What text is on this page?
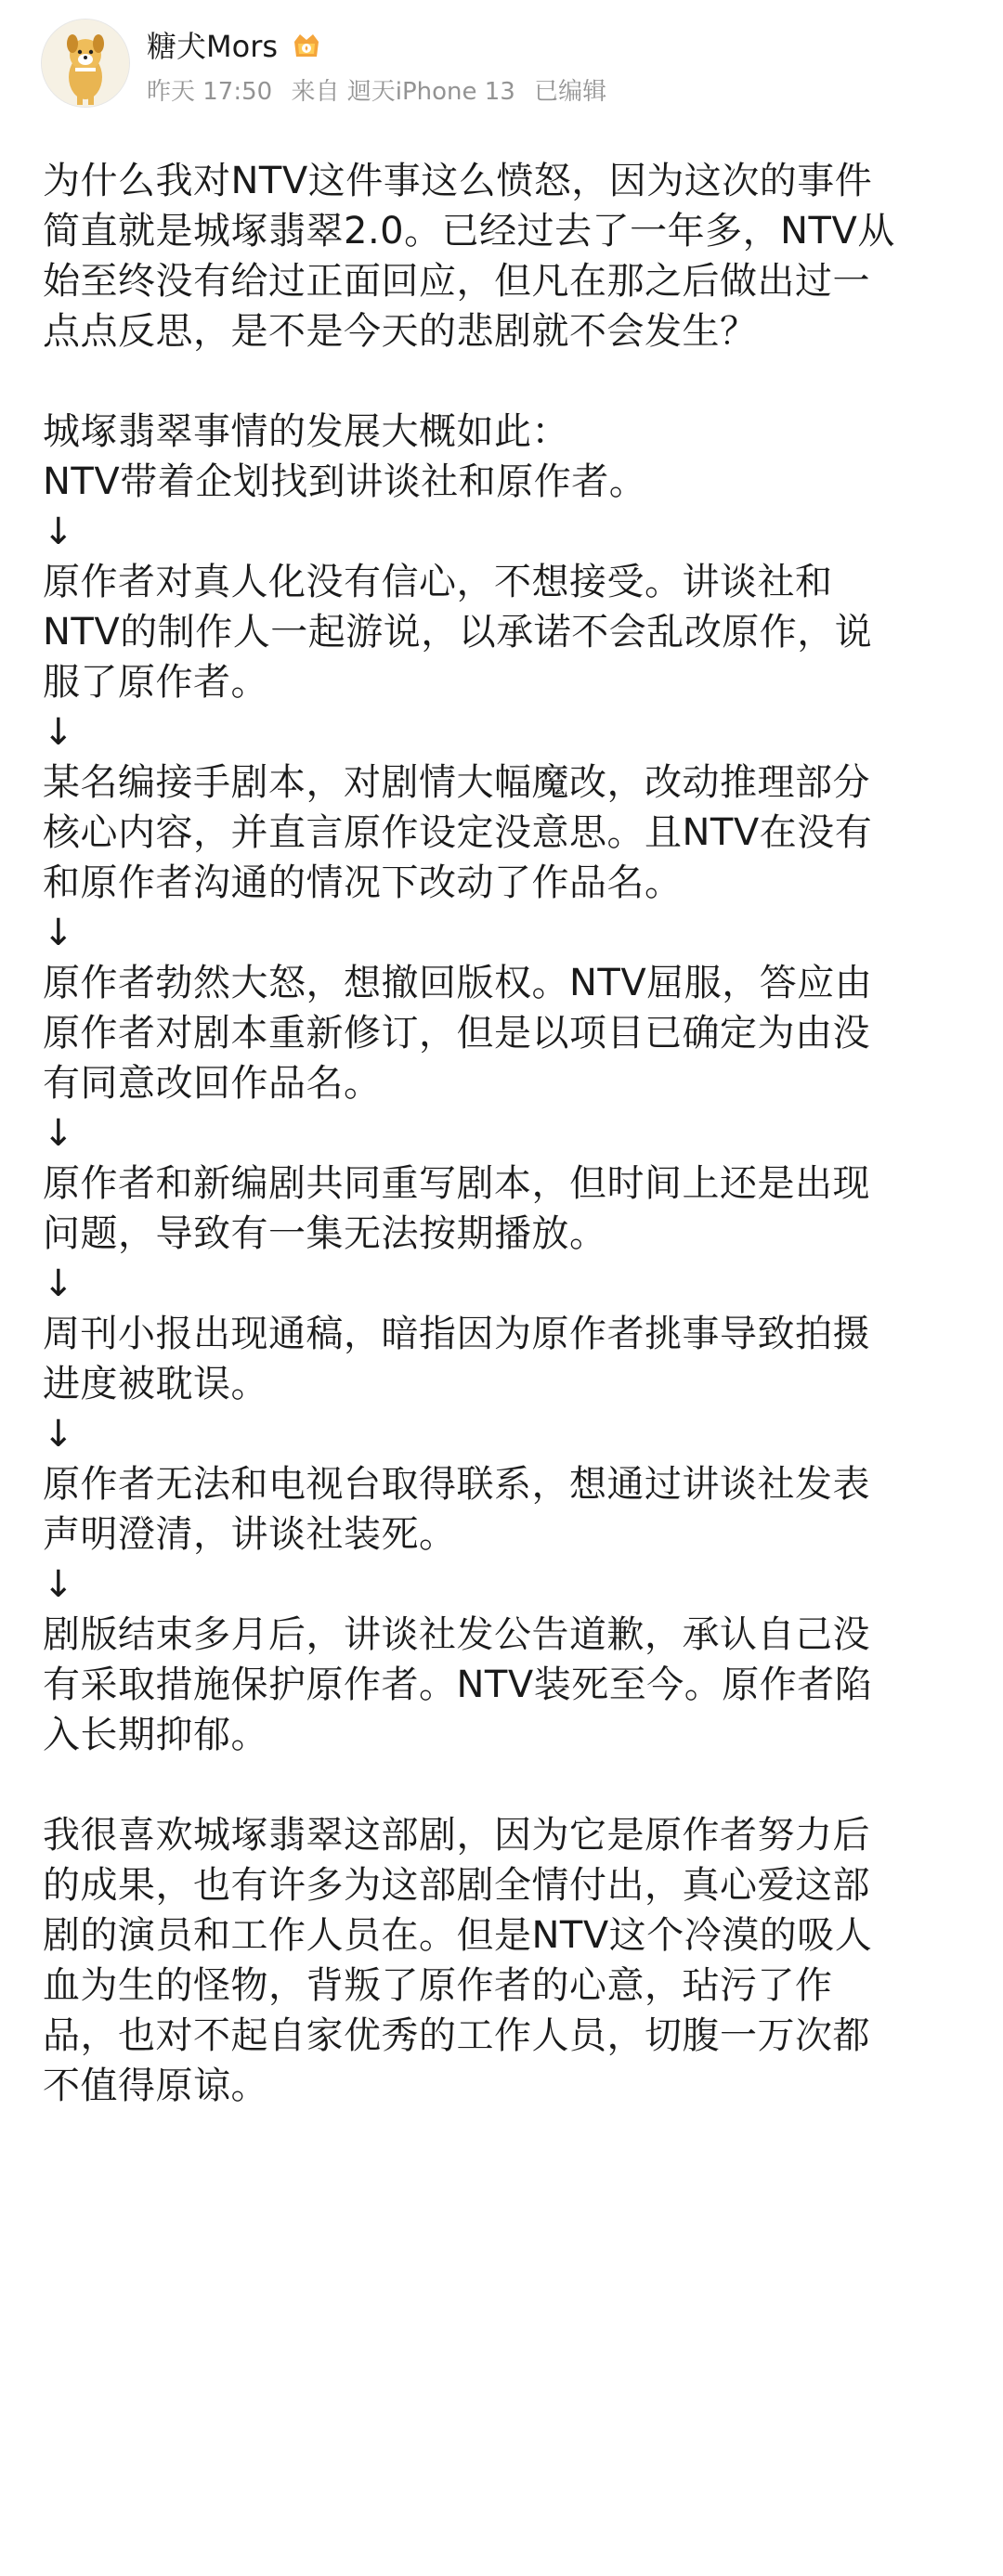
糖犬Mors
昨天 17:50 来自 迴天iPhone 13 已编辑

为什么我对NTV这件事这么愤怒，因为这次的事件
简直就是城塚翡翠2.0。已经过去了一年多，NTV从
始至终没有给过正面回应，但凡在那之后做出过一
点点反思，是不是今天的悲剧就不会发生？

城塚翡翠事情的发展大概如此：
NTV带着企划找到讲谈社和原作者。
↓
原作者对真人化没有信心，不想接受。讲谈社和
NTV的制作人一起游说，以承诺不会乱改原作，说
服了原作者。
↓
某名编接手剧本，对剧情大幅魔改，改动推理部分
核心内容，并直言原作设定没意思。且NTV在没有
和原作者沟通的情况下改动了作品名。
↓
原作者勃然大怒，想撤回版权。NTV屈服，答应由
原作者对剧本重新修订，但是以项目已确定为由没
有同意改回作品名。
↓
原作者和新编剧共同重写剧本，但时间上还是出现
问题，导致有一集无法按期播放。
↓
周刊小报出现通稿，暗指因为原作者挑事导致拍摄
进度被耽误。
↓
原作者无法和电视台取得联系，想通过讲谈社发表
声明澄清，讲谈社装死。
↓
剧版结束多月后，讲谈社发公告道歉，承认自己没
有采取措施保护原作者。NTV装死至今。原作者陷
入长期抑郁。

我很喜欢城塚翡翠这部剧，因为它是原作者努力后
的成果，也有许多为这部剧全情付出，真心爱这部
剧的演员和工作人员在。但是NTV这个冷漠的吸人
血为生的怪物，背叛了原作者的心意，玷污了作
品，也对不起自家优秀的工作人员，切腹一万次都
不值得原谅。
